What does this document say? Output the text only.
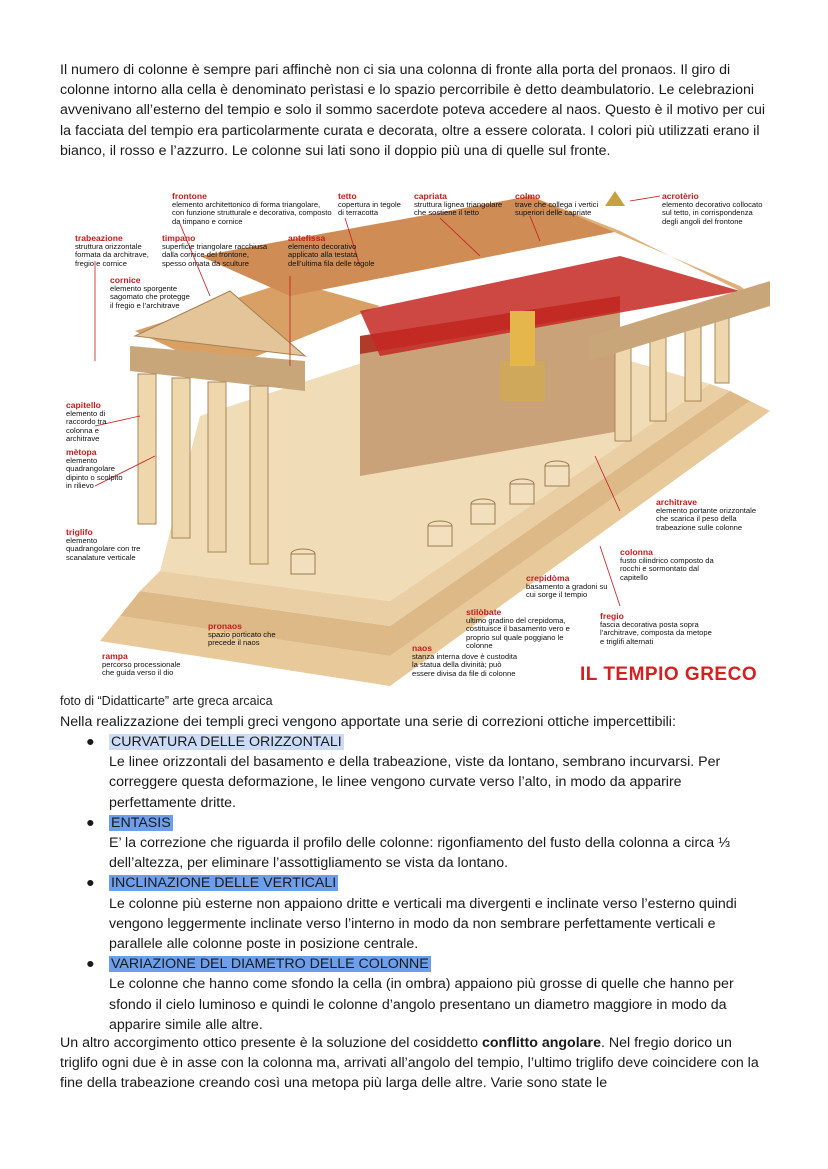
Il numero di colonne è sempre pari affinchè non ci sia una colonna di fronte alla porta del pronaos. Il giro di colonne intorno alla cella è denominato perìstasi e lo spazio percorribile è detto deambulatorio. Le celebrazioni avvenivano all’esterno del tempio e solo il sommo sacerdote poteva accedere al naos. Questo è il motivo per cui la facciata del tempio era particolarmente curata e decorata, oltre a essere colorata. I colori più utilizzati erano il bianco, il rosso e l’azzurro. Le colonne sui lati sono il doppio più una di quelle sul fronte.
frontone
elemento architettonico di forma triangolare, con funzione strutturale e decorativa, composto da timpano e cornice
tetto
copertura in tegole di terracotta
capriata
struttura lignea triangolare che sostiene il tetto
colmo
trave che collega i vertici superiori delle capriate
acrotèrio
elemento decorativo collocato sul tetto, in corrispondenza degli angoli del frontone
trabeazione
struttura orizzontale formata da architrave, fregio e cornice
timpano
superficie triangolare racchiusa dalla cornice del frontone, spesso ornata da sculture
antefissa
elemento decorativo applicato alla testata dell’ultima fila delle tegole
cornice
elemento sporgente sagomato che protegge il fregio e l’architrave
capitello
elemento di raccordo tra colonna e architrave
mètopa
elemento quadrangolare dipinto o scolpito in rilievo
triglifo
elemento quadrangolare con tre scanalature verticale
pronaos
spazio porticato che precede il naos
rampa
percorso processionale che guida verso il dio
naos
stanza interna dove è custodita la statua della divinità; può essere divisa da file di colonne
stilòbate
ultimo gradino del crepidoma, costituisce il basamento vero e proprio sul quale poggiano le colonne
crepidòma
basamento a gradoni su cui sorge il tempio
fregio
fascia decorativa posta sopra l’architrave, composta da metope e triglifi alternati
colonna
fusto cilindrico composto da rocchi e sormontato dal capitello
architrave
elemento portante orizzontale che scarica il peso della trabeazione sulle colonne
IL TEMPIO GRECO
foto di “Didatticarte” arte greca arcaica
Nella realizzazione dei templi greci vengono apportate una serie di correzioni ottiche impercettibili:
● CURVATURA DELLE ORIZZONTALI
Le linee orizzontali del basamento e della trabeazione, viste da lontano, sembrano incurvarsi. Per correggere questa deformazione, le linee vengono curvate verso l’alto, in modo da apparire perfettamente dritte.
● ENTASIS
E’ la correzione che riguarda il profilo delle colonne: rigonfiamento del fusto della colonna a circa ⅓ dell’altezza, per eliminare l’assottigliamento se vista da lontano.
● INCLINAZIONE DELLE VERTICALI
Le colonne più esterne non appaiono dritte e verticali ma divergenti e inclinate verso l’esterno quindi vengono leggermente inclinate verso l’interno in modo da non sembrare perfettamente verticali e parallele alle colonne poste in posizione centrale.
● VARIAZIONE DEL DIAMETRO DELLE COLONNE
Le colonne che hanno come sfondo la cella (in ombra) appaiono più grosse di quelle che hanno per sfondo il cielo luminoso e quindi le colonne d’angolo presentano un diametro maggiore in modo da apparire simile alle altre.
Un altro accorgimento ottico presente è la soluzione del cosiddetto conflitto angolare. Nel fregio dorico un triglifo ogni due è in asse con la colonna ma, arrivati all’angolo del tempio, l’ultimo triglifo deve coincidere con la fine della trabeazione creando così una metopa più larga delle altre. Varie sono state le
